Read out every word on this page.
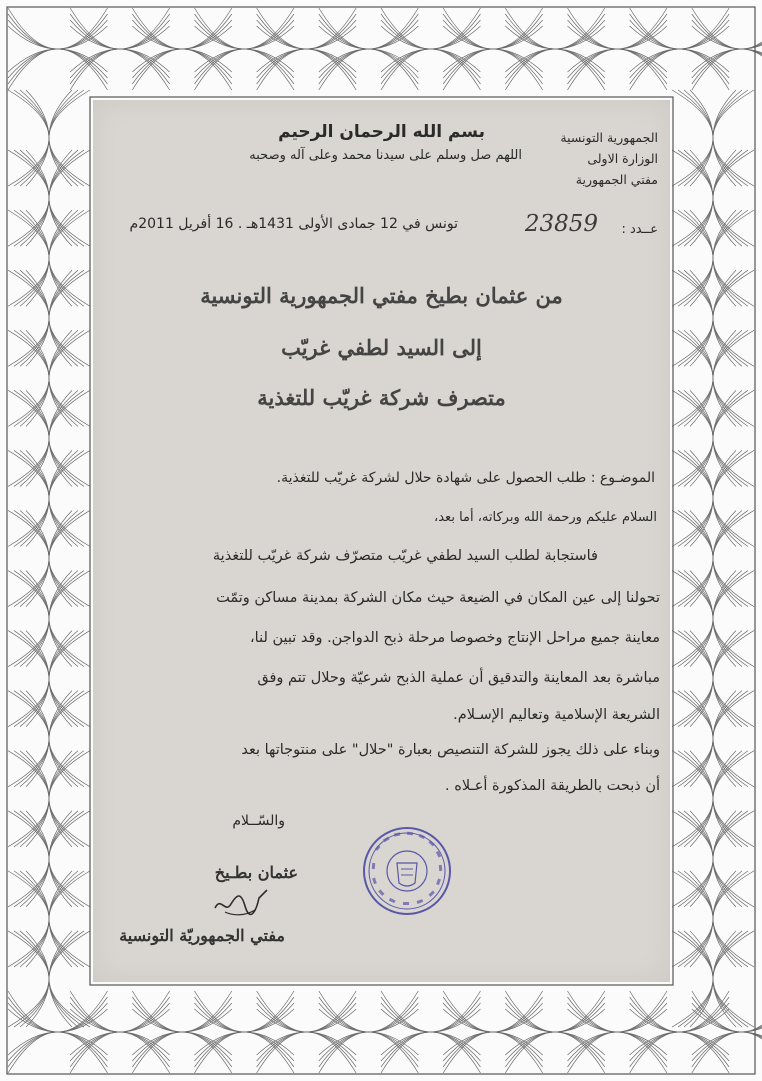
بسم الله الرحمان الرحيم
اللهم صل وسلم على سيدنا محمد وعلى آله وصحبه
الجمهورية التونسية
الوزارة الاولى
مفتي الجمهورية
عــدد :
23859
تونس في 12 جمادى الأولى 1431هـ . 16 أفريل 2011م
من عثمان بطيخ مفتي الجمهورية التونسية
إلى السيد لطفي غريّب
متصرف شركة غريّب للتغذية
الموضـوع : طلب الحصول على شهادة حلال لشركة غريّب للتغذية.
السلام عليكم ورحمة الله وبركاته، أما بعد،
فاستجابة لطلب السيد لطفي غريّب متصرّف شركة غريّب للتغذية
تحولنا إلى عين المكان في الضيعة حيث مكان الشركة بمدينة مساكن وتمّت
معاينة جميع مراحل الإنتاج وخصوصا مرحلة ذبح الدواجن. وقد تبين لنا،
مباشرة بعد المعاينة والتدقيق أن عملية الذبح شرعيّة وحلال تتم وفق
الشريعة الإسلامية وتعاليم الإسـلام.
وبناء على ذلك يجوز للشركة التنصيص بعبارة "حلال" على منتوجاتها بعد
أن ذبحت بالطريقة المذكورة أعـلاه .
والسّــلام
عثمان بطـيخ
مفتي الجمهوريّة التونسية
